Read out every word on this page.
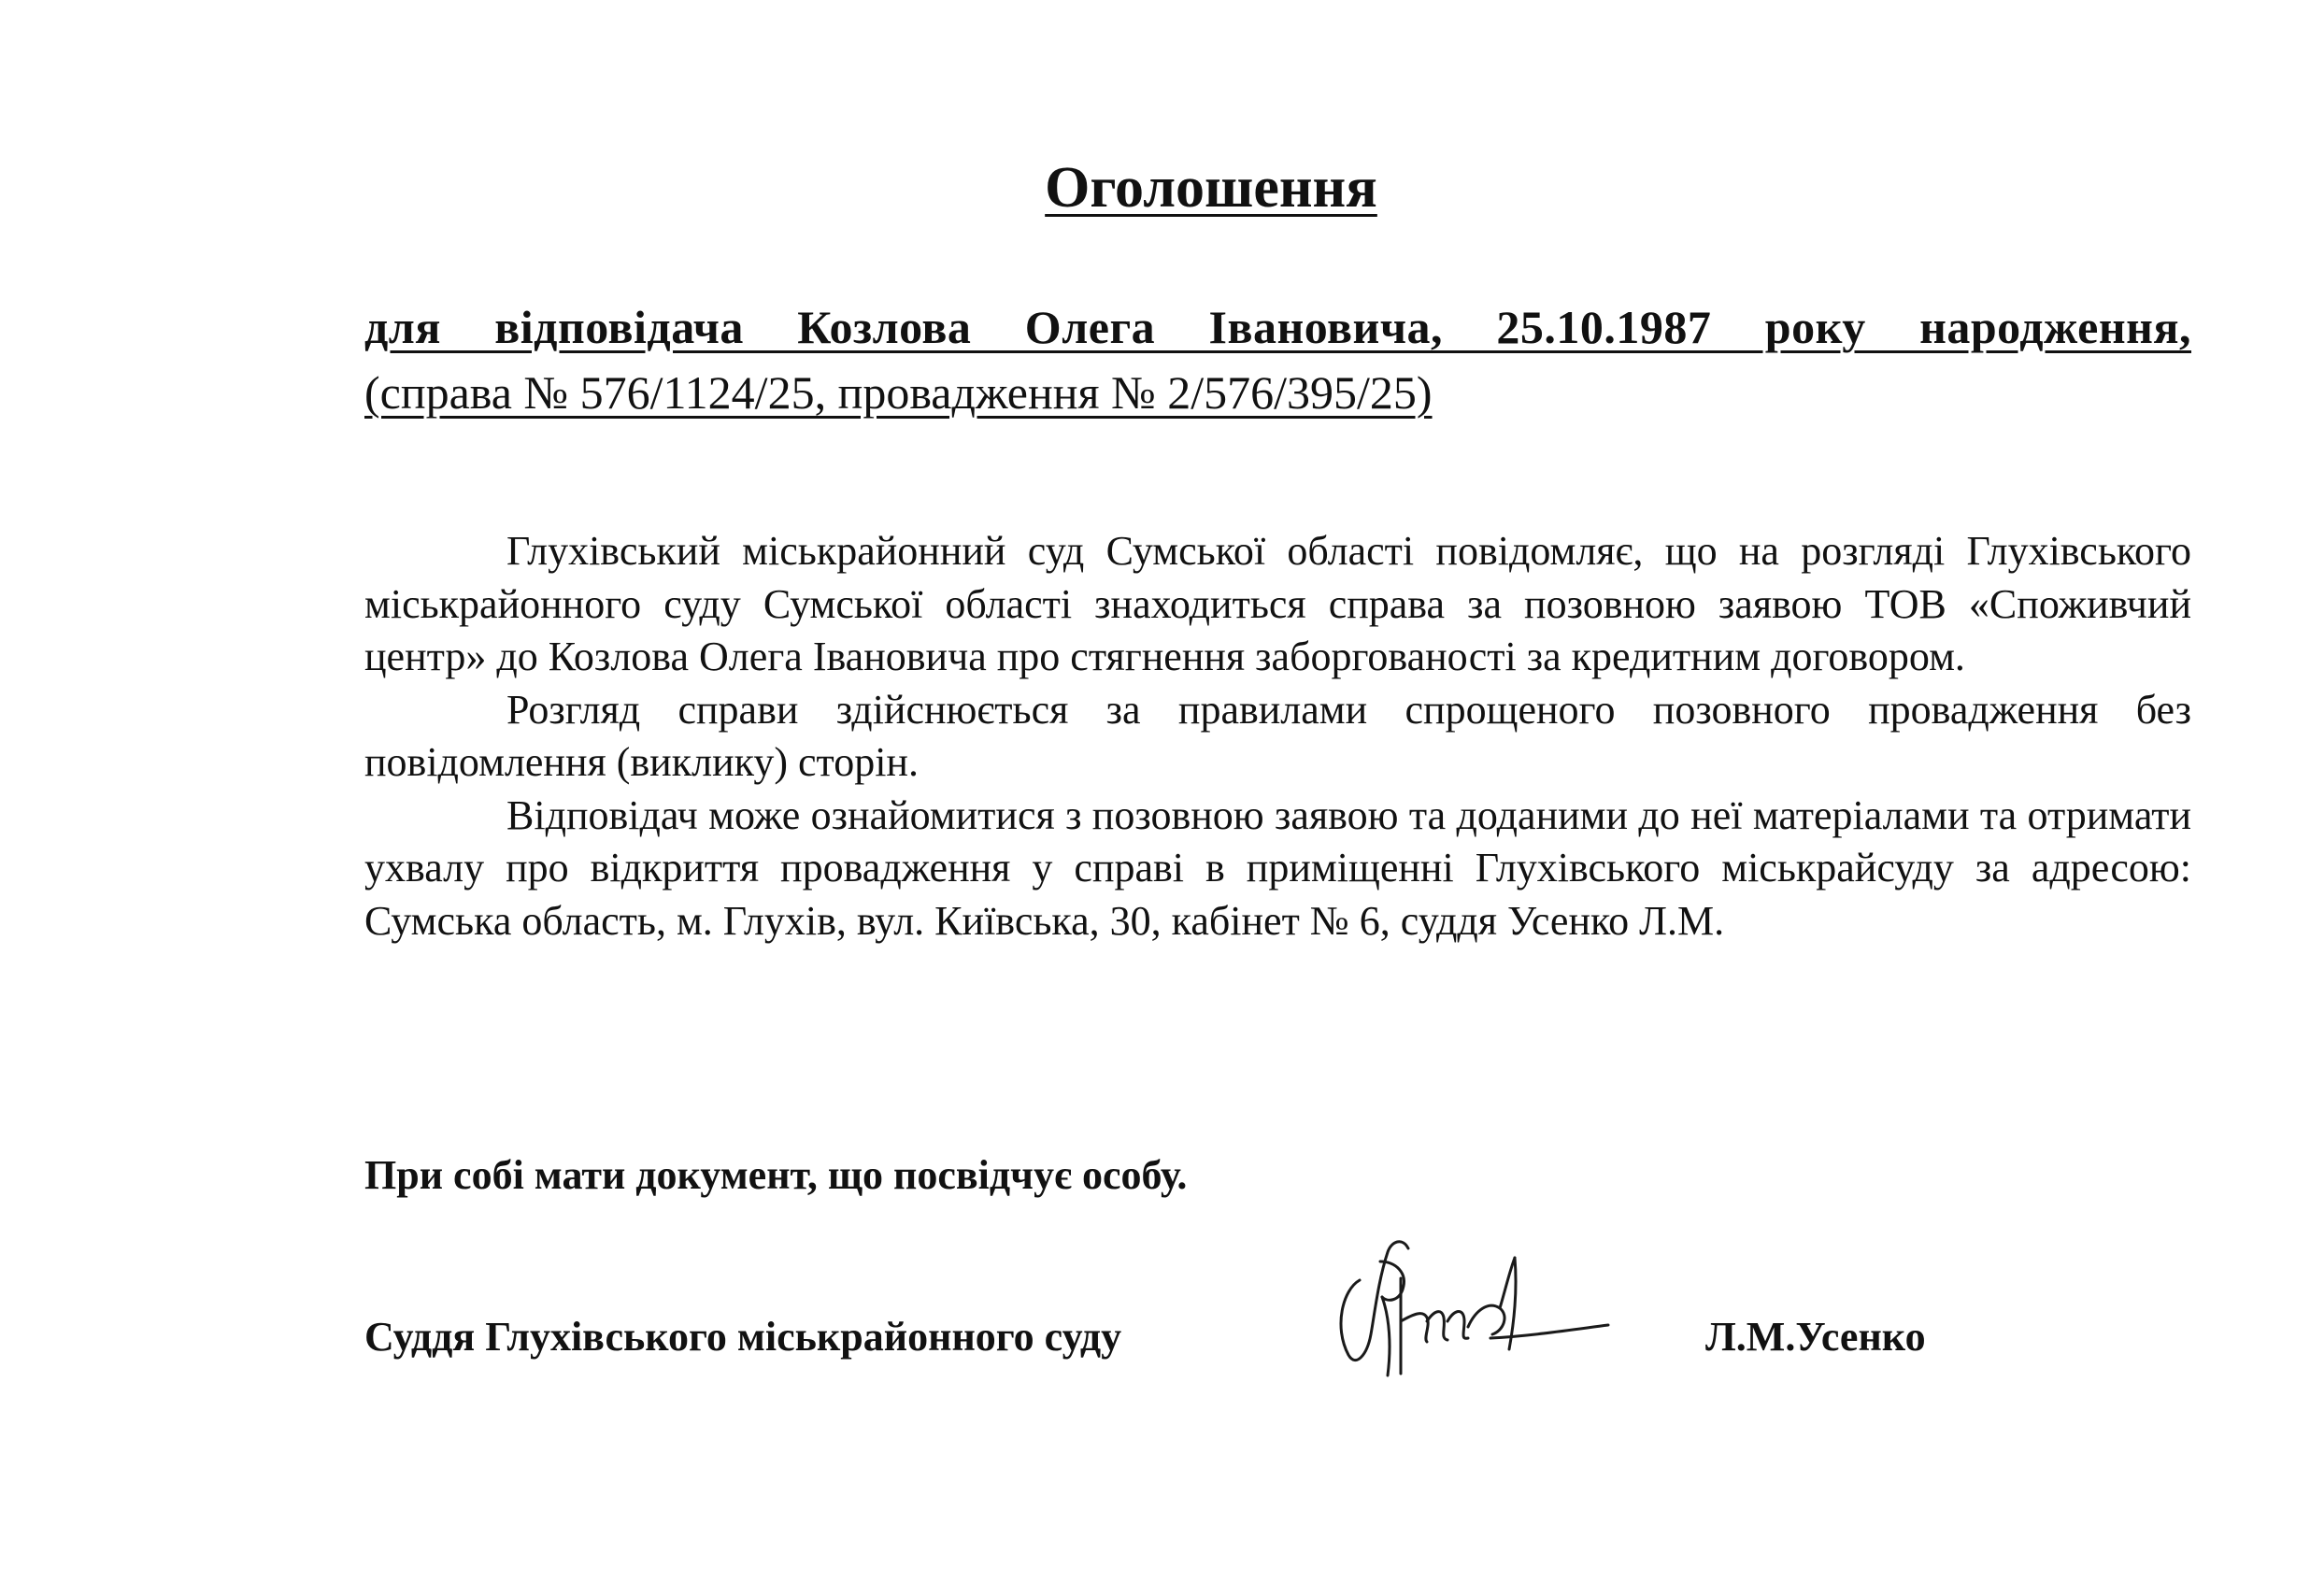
Оголошення
для відповідача Козлова Олега Івановича, 25.10.1987 року народження,
(справа № 576/1124/25, провадження № 2/576/395/25)

Глухівський міськрайонний суд Сумської області повідомляє, що на розгляді Глухівського міськрайонного суду Сумської області знаходиться справа за позовною заявою ТОВ «Споживчий центр» до Козлова Олега Івановича про стягнення заборгованості за кредитним договором.

Розгляд справи здійснюється за правилами спрощеного позовного провадження без повідомлення (виклику) сторін.

Відповідач може ознайомитися з позовною заявою та доданими до неї матеріалами та отримати ухвалу про відкриття провадження у справі в приміщенні Глухівського міськрайсуду за адресою: Сумська область, м. Глухів, вул. Київська, 30, кабінет № 6, суддя Усенко Л.М.

При собі мати документ, що посвідчує особу.
Суддя Глухівського міськрайонного суду	Л.М.Усенко
